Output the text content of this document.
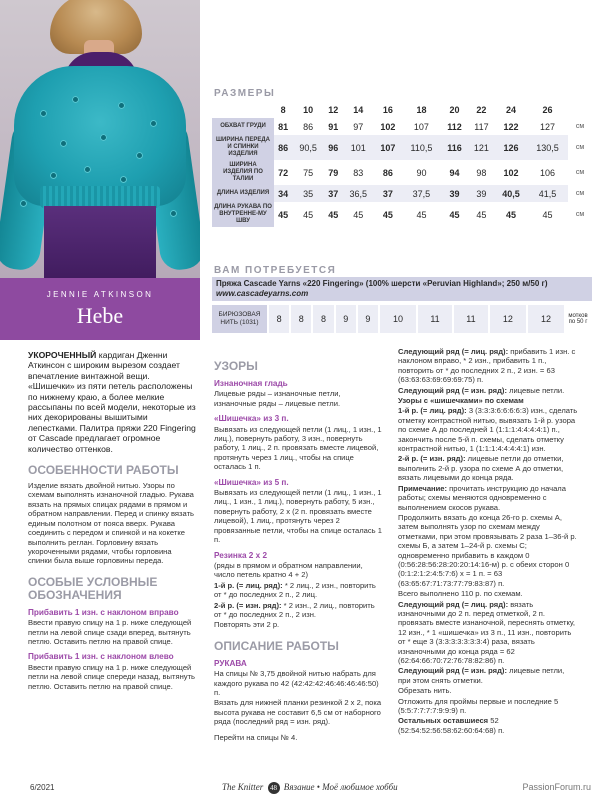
JENNIE ATKINSON
Hebe
РАЗМЕРЫ
	8	10	12	14	16	18	20	22	24	26	
ОБХВАТ ГРУДИ	81	86	91	97	102	107	112	117	122	127	см
ШИРИНА ПЕРЕДА И СПИНКИ ИЗДЕЛИЯ	86	90,5	96	101	107	110,5	116	121	126	130,5	см
ШИРИНА ИЗДЕЛИЯ ПО ТАЛИИ	72	75	79	83	86	90	94	98	102	106	см
ДЛИНА ИЗДЕЛИЯ	34	35	37	36,5	37	37,5	39	39	40,5	41,5	см
ДЛИНА РУКАВА ПО ВНУТРЕННЕ-МУ ШВУ	45	45	45	45	45	45	45	45	45	45	см
ВАМ ПОТРЕБУЕТСЯ
Пряжа Cascade Yarns «220 Fingering» (100% шерсти «Peruvian Highland»; 250 м/50 г)
www.cascadeyarns.com
БИРЮЗОВАЯ НИТЬ (1031)	8	8	8	9	9	10	11	11	12	12	мотков по 50 г
УКОРОЧЕННЫЙ кардиган Дженни Аткинсон с широким вырезом создает впечатление винтажной вещи. «Шишечки» из пяти петель расположены по нижнему краю, а более мелкие рассыпаны по всей модели, некоторые из них декорированы вышитыми лепестками. Палитра пряжи 220 Fingering от Cascade предлагает огромное количество оттенков.
ОСОБЕННОСТИ РАБОТЫ
Изделие вязать двойной нитью. Узоры по схемам выполнять изнаночной гладью. Рукава вязать на прямых спицах рядами в прямом и обратном направлении. Перед и спинку вязать единым полотном от пояса вверх. Рукава соединить с передом и спинкой и на кокетке выполнить реглан. Горловину вязать укороченными рядами, чтобы горловина спинки была выше горловины переда.
ОСОБЫЕ УСЛОВНЫЕ ОБОЗНАЧЕНИЯ
Прибавить 1 изн. с наклоном вправо
Ввести правую спицу на 1 р. ниже следующей петли на левой спице сзади вперед, вытянуть петлю. Оставить петлю на правой спице.
Прибавить 1 изн. с наклоном влево
Ввести правую спицу на 1 р. ниже следующей петли на левой спице спереди назад, вытянуть петлю. Оставить петлю на правой спице.
УЗОРЫ
Изнаночная гладь
Лицевые ряды – изнаночные петли, изнаночные ряды – лицевые петли.
«Шишечка» из 3 п.
Вывязать из следующей петли (1 лиц., 1 изн., 1 лиц.), повернуть работу, 3 изн., повернуть работу, 1 лиц., 2 п. провязать вместе лицевой, протянуть через 1 лиц., чтобы на спице осталась 1 п.
«Шишечка» из 5 п.
Вывязать из следующей петли (1 лиц., 1 изн., 1 лиц., 1 изн., 1 лиц.), повернуть работу, 5 изн., повернуть работу, 2 х (2 п. провязать вместе лицевой), 1 лиц., протянуть через 2 провязанные петли, чтобы на спице осталась 1 п.
Резинка 2 х 2
(ряды в прямом и обратном направлении, число петель кратно 4 + 2)
1-й р. (= лиц. ряд): * 2 лиц., 2 изн., повторить от * до последних 2 п., 2 лиц.
2-й р. (= изн. ряд): * 2 изн., 2 лиц., повторить от * до последних 2 п., 2 изн.
Повторять эти 2 р.
ОПИСАНИЕ РАБОТЫ
РУКАВА
На спицы № 3,75 двойной нитью набрать для каждого рукава по 42 (42:42:42:46:46:46:46:50) п.
Вязать для нижней планки резинкой 2 х 2, пока высота рукава не составит 6,5 см от наборного ряда (последний ряд = изн. ряд).
Перейти на спицы № 4.
Следующий ряд (= лиц. ряд): прибавить 1 изн. с наклоном вправо, * 2 изн., прибавить 1 п., повторить от * до последних 2 п., 2 изн. = 63 (63:63:63:69:69:69:75) п.
Следующий ряд (= изн. ряд): лицевые петли.
Узоры с «шишечками» по схемам
1-й р. (= лиц. ряд): 3 (3:3:3:6:6:6:6:3) изн., сделать отметку контрастной нитью, вывязать 1-й р. узора по схеме А до последней 1 (1:1:1:4:4:4:4:1) п., закончить после 5-й п. схемы, сделать отметку контрастной нитью, 1 (1:1:1:4:4:4:4:1) изн.
2-й р. (= изн. ряд): лицевые петли до отметки, выполнить 2-й р. узора по схеме А до отметки, вязать лицевыми до конца ряда.
Примечание: прочитать инструкцию до начала работы; схемы меняются одновременно с выполнением скосов рукава.
Продолжить вязать до конца 26-го р. схемы А, затем выполнять узор по схемам между отметками, при этом провязывать 2 раза 1–36-й р. схемы Б, а затем 1–24-й р. схемы С; одновременно прибавить в каждом 0 (0:56:28:56:28:20:20:14:16-м) р. с обеих сторон 0 (0:1:2:1:2:4:5:7:6) х = 1 п. = 63 (63:65:67:71:73:77:79:83:87) п.
Всего выполнено 110 р. по схемам.
Следующий ряд (= лиц. ряд): вязать изнаночными до 2 п. перед отметкой, 2 п. провязать вместе изнаночной, переснять отметку, 12 изн., * 1 «шишечка» из 3 п., 11 изн., повторить от * еще 3 (3:3:3:3:3:3:3:4) раза, вязать изнаночными до конца ряда = 62 (62:64:66:70:72:76:78:82:86) п.
Следующий ряд (= изн. ряд): лицевые петли, при этом снять отметки.
Обрезать нить.
Отложить для проймы первые и последние 5 (5:5:7:7:7:7:9:9:9) п.
Остальных оставшиеся 52 (52:54:52:56:58:62:60:64:68) п.
6/2021	The Knitter 48 Вязание • Моё любимое хобби	PassionForum.ru
